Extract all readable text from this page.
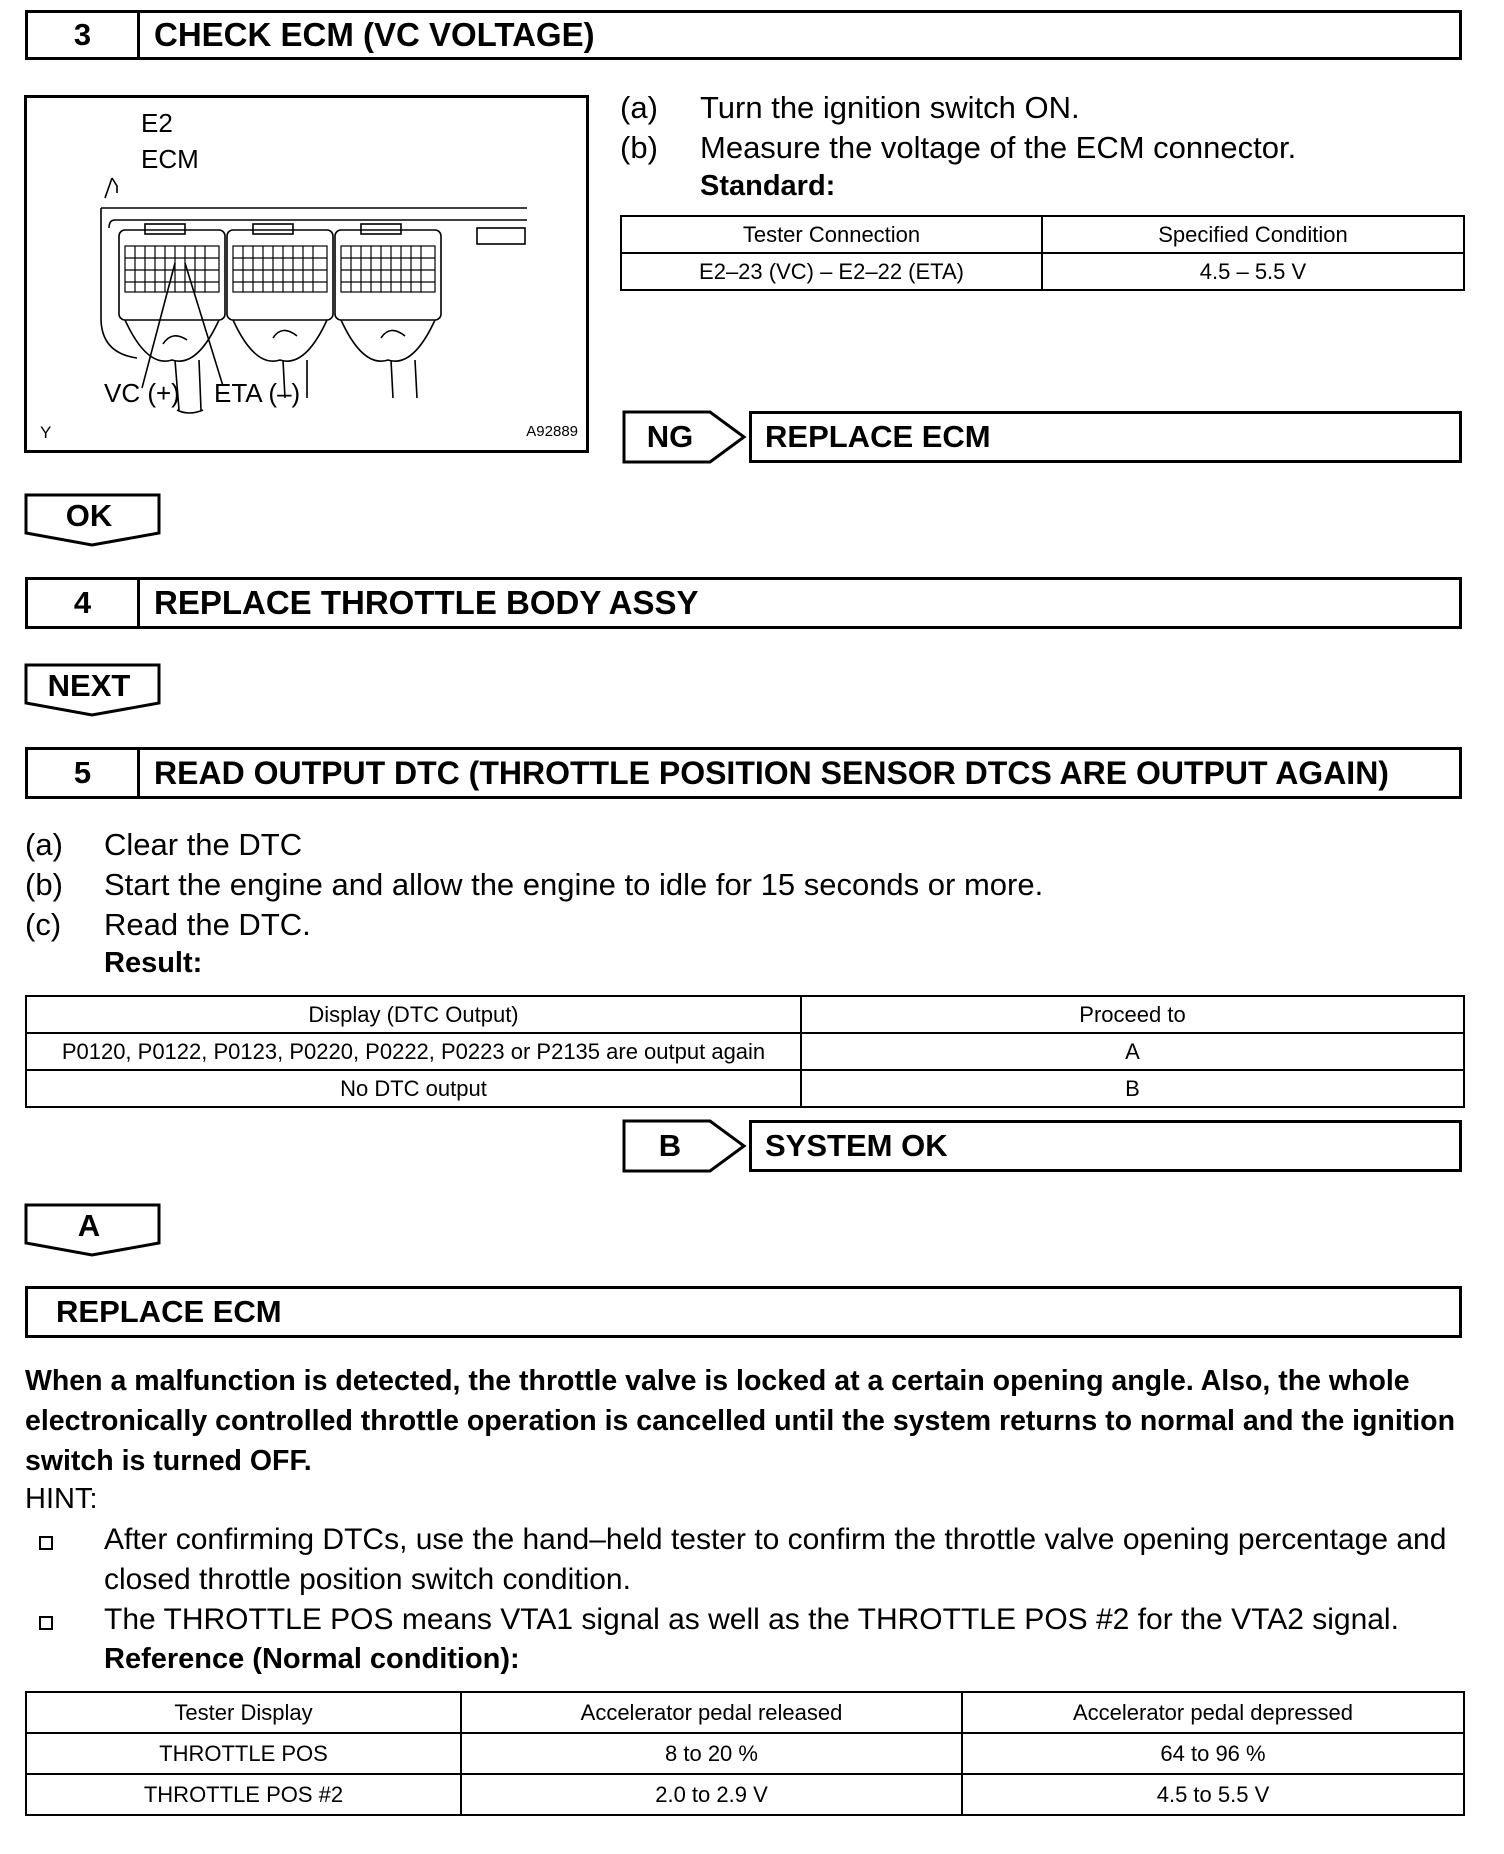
3	CHECK ECM (VC VOLTAGE)
E2
ECM
VC (+) ETA (–)
Y	A92889
(a) Turn the ignition switch ON.
(b) Measure the voltage of the ECM connector.
Standard:
Tester Connection	Specified Condition
E2–23 (VC) – E2–22 (ETA)	4.5 – 5.5 V
NG	REPLACE ECM
OK
4	REPLACE THROTTLE BODY ASSY
NEXT
5	READ OUTPUT DTC (THROTTLE POSITION SENSOR DTCS ARE OUTPUT AGAIN)
(a) Clear the DTC
(b) Start the engine and allow the engine to idle for 15 seconds or more.
(c) Read the DTC.
Result:
Display (DTC Output)	Proceed to
P0120, P0122, P0123, P0220, P0222, P0223 or P2135 are output again	A
No DTC output	B
B	SYSTEM OK
A
REPLACE ECM
When a malfunction is detected, the throttle valve is locked at a certain opening angle. Also, the whole electronically controlled throttle operation is cancelled until the system returns to normal and the ignition switch is turned OFF.
HINT:
After confirming DTCs, use the hand–held tester to confirm the throttle valve opening percentage and
closed throttle position switch condition.
The THROTTLE POS means VTA1 signal as well as the THROTTLE POS #2 for the VTA2 signal.
Reference (Normal condition):
Tester Display	Accelerator pedal released	Accelerator pedal depressed
THROTTLE POS	8 to 20 %	64 to 96 %
THROTTLE POS #2	2.0 to 2.9 V	4.5 to 5.5 V
